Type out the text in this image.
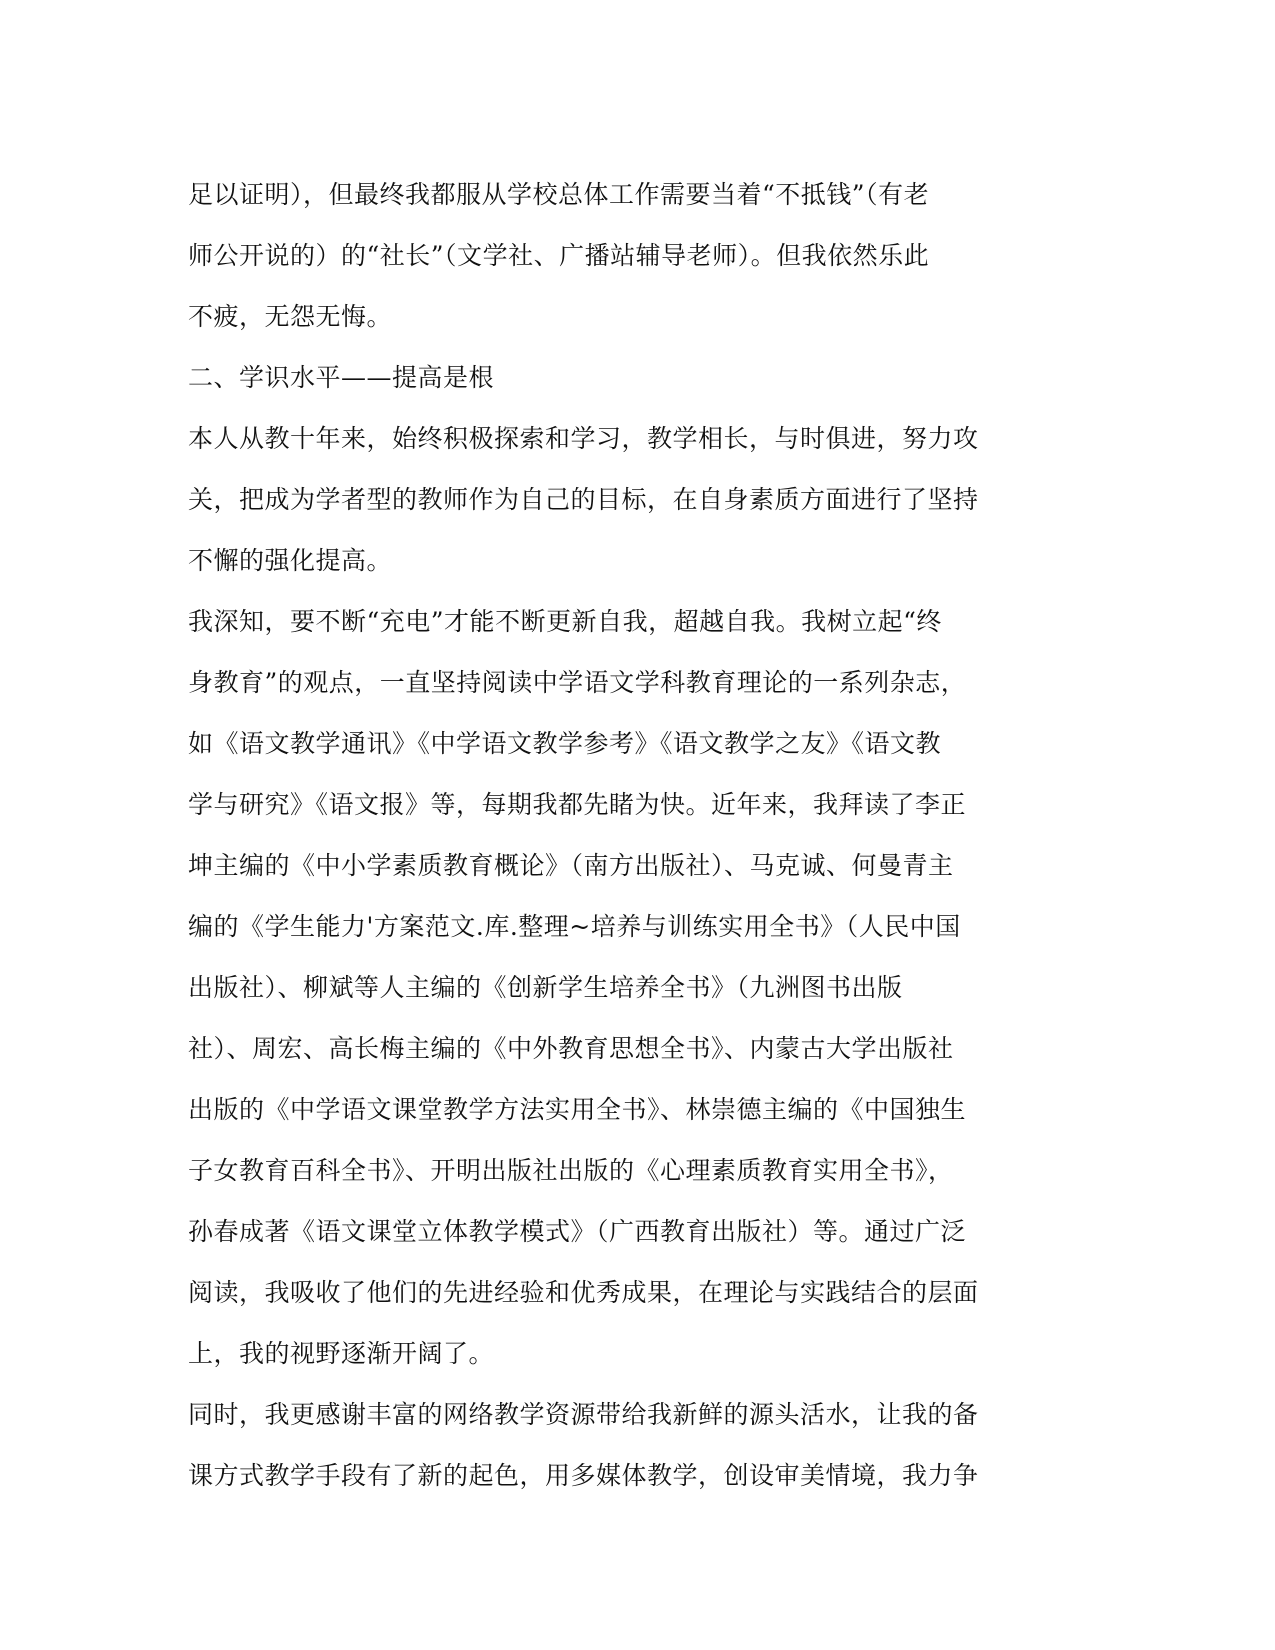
足以证明），但最终我都服从学校总体工作需要当着“不抵钱”（有老
师公开说的）的“社长”（文学社、广播站辅导老师）。但我依然乐此
不疲，无怨无悔。
二、学识水平——提高是根
本人从教十年来，始终积极探索和学习，教学相长，与时俱进，努力攻
关，把成为学者型的教师作为自己的目标，在自身素质方面进行了坚持
不懈的强化提高。
我深知，要不断“充电”才能不断更新自我，超越自我。我树立起“终
身教育”的观点，一直坚持阅读中学语文学科教育理论的一系列杂志，
如《语文教学通讯》《中学语文教学参考》《语文教学之友》《语文教
学与研究》《语文报》等，每期我都先睹为快。近年来，我拜读了李正
坤主编的《中小学素质教育概论》（南方出版社）、马克诚、何曼青主
编的《学生能力'方案范文.库.整理~培养与训练实用全书》（人民中国
出版社）、柳斌等人主编的《创新学生培养全书》（九洲图书出版
社）、周宏、高长梅主编的《中外教育思想全书》、内蒙古大学出版社
出版的《中学语文课堂教学方法实用全书》、林崇德主编的《中国独生
子女教育百科全书》、开明出版社出版的《心理素质教育实用全书》，
孙春成著《语文课堂立体教学模式》（广西教育出版社）等。通过广泛
阅读，我吸收了他们的先进经验和优秀成果，在理论与实践结合的层面
上，我的视野逐渐开阔了。
同时，我更感谢丰富的网络教学资源带给我新鲜的源头活水，让我的备
课方式教学手段有了新的起色，用多媒体教学，创设审美情境，我力争
